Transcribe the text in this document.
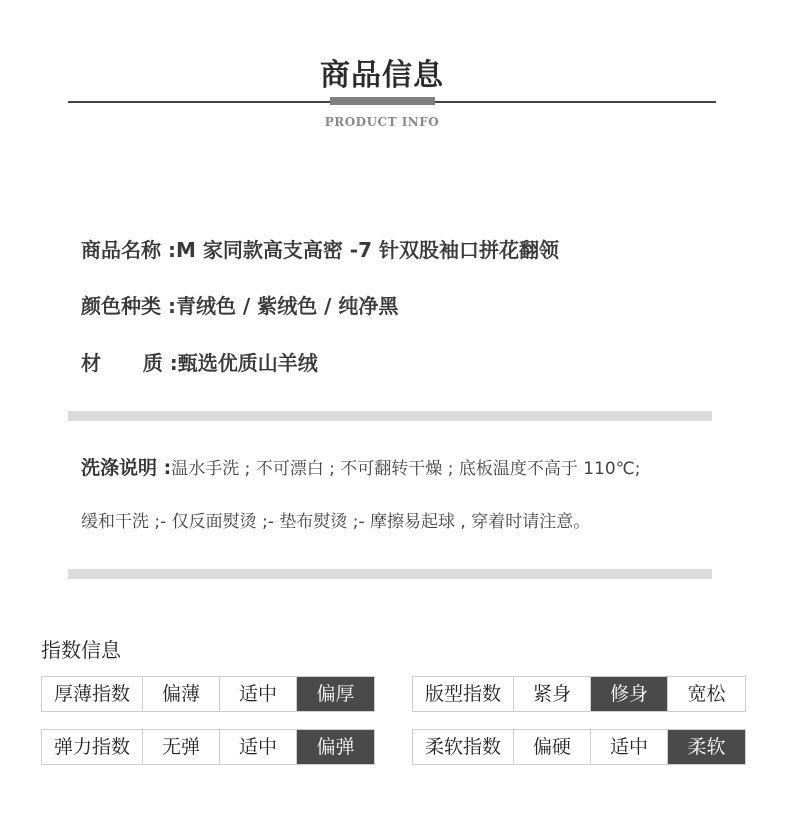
商品信息
PRODUCT INFO
商品名称 :M 家同款高支高密 -7 针双股袖口拼花翻领
颜色种类 :青绒色 / 紫绒色 / 纯净黑
材      质 :甄选优质山羊绒
洗涤说明 :温水手洗 ; 不可漂白 ; 不可翻转干燥 ; 底板温度不高于 110℃;
缓和干洗 ;- 仅反面熨烫 ;- 垫布熨烫 ;- 摩擦易起球 , 穿着时请注意。
指数信息
厚薄指数	偏薄	适中	偏厚	版型指数	紧身	修身	宽松
弹力指数	无弹	适中	偏弹	柔软指数	偏硬	适中	柔软
